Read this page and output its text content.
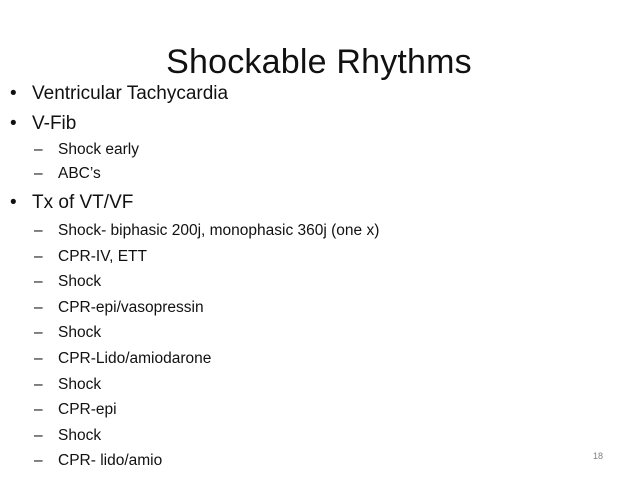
Shockable Rhythms
• Ventricular Tachycardia
• V-Fib
– Shock early
– ABC’s
• Tx of VT/VF
– Shock- biphasic 200j, monophasic 360j (one x)
– CPR-IV, ETT
– Shock
– CPR-epi/vasopressin
– Shock
– CPR-Lido/amiodarone
– Shock
– CPR-epi
– Shock
– CPR- lido/amio	18
